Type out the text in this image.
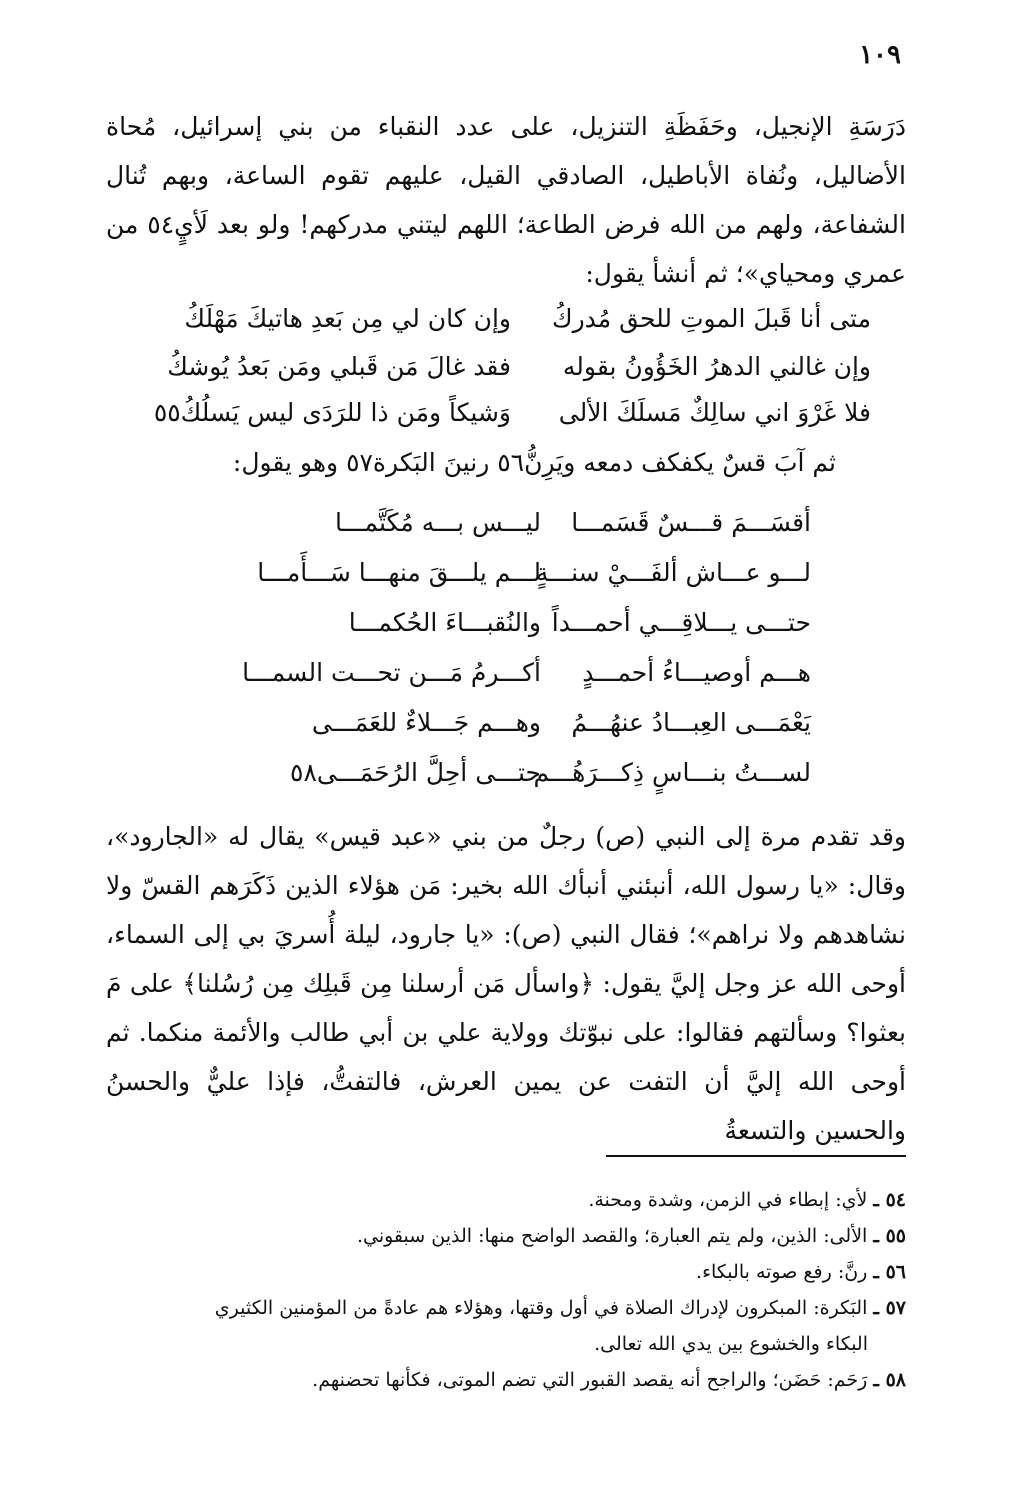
١٠٩

دَرَسَةِ الإنجيل، وحَفَظَةِ التنزيل، على عدد النقباء من بني إسرائيل، مُحاة الأضاليل، ونُفاة الأباطيل، الصادقي القيل، عليهم تقوم الساعة، وبهم تُنال الشفاعة، ولهم من الله فرض الطاعة؛ اللهم ليتني مدركهم! ولو بعد لَأيٍ٥٤ من عمري ومحياي»؛ ثم أنشأ يقول:

متى أنا قَبلَ الموتِ للحق مُدركُ
وإن كان لي مِن بَعدِ هاتيكَ مَهْلَكُ
وإن غالني الدهرُ الخَؤُونُ بقوله
فقد غالَ مَن قَبلي ومَن بَعدُ يُوشكُ
فلا غَرْوَ اني سالِكٌ مَسلَكَ الألى
وَشيكاً ومَن ذا للرَدَى ليس يَسلُكُ٥٥
ثم آبَ قسٌ يكفكف دمعه ويَرِنُّ٥٦ رنينَ البَكرة٥٧ وهو يقول:
أقسَـــمَ قـــسٌ قَسَمـــا
ليـــس بـــه مُكَتَّمـــا
لـــو عـــاش ألفَـــيْ سنـــةٍ
لـــم يلـــقَ منهـــا سَـــأَمـــا
حتـــى يـــلاقِـــي أحمـــداً
والنُقبـــاءَ الحُكمـــا
هـــم أوصيـــاءُ أحمـــدٍ
أكـــرمُ مَـــن تحـــت السمـــا
يَعْمَـــى العِبـــادُ عنهُـــمُ
وهـــم جَـــلاءٌ للعَمَـــى
لســـتُ بنـــاسٍ ذِكـــرَهُـــم
حتـــى أحِلَّ الرُحَمَـــى٥٨

وقد تقدم مرة إلى النبي (ص) رجلٌ من بني «عبد قيس» يقال له «الجارود»، وقال: «يا رسول الله، أنبئني أنبأك الله بخير: مَن هؤلاء الذين ذَكَرَهم القسّ ولا نشاهدهم ولا نراهم»؛ فقال النبي (ص): «يا جارود، ليلة أُسريَ بي إلى السماء، أوحى الله عز وجل إليَّ يقول: ﴿واسأل مَن أرسلنا مِن قَبلِك مِن رُسُلنا﴾ على مَ بعثوا؟ وسألتهم فقالوا: على نبوّتك وولاية علي بن أبي طالب والأئمة منكما. ثم أوحى الله إليَّ أن التفت عن يمين العرش، فالتفتُّ، فإذا عليٌّ والحسنُ والحسين والتسعةُ

٥٤ ـ لأي: إبطاء في الزمن، وشدة ومحنة.

٥٥ ـ الألى: الذين، ولم يتم العبارة؛ والقصد الواضح منها: الذين سبقوني.

٥٦ ـ رنَّ: رفع صوته بالبكاء.

٥٧ ـ البَكرة: المبكرون لإدراك الصلاة في أول وقتها، وهؤلاء هم عادةً من المؤمنين الكثيري
البكاء والخشوع بين يدي الله تعالى.

٥٨ ـ رَحَم: حَضَن؛ والراجح أنه يقصد القبور التي تضم الموتى، فكأنها تحضنهم.
